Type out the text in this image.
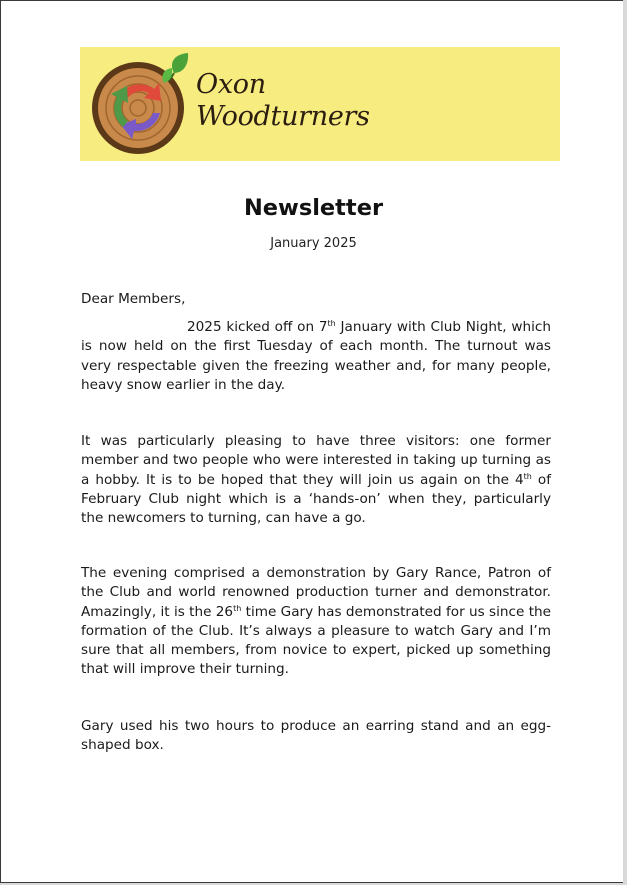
Oxon
Woodturners
Newsletter
January 2025
Dear Members,
2025 kicked off on 7th January with Club Night, which is now held on the first Tuesday of each month. The turnout was very respectable given the freezing weather and, for many people, heavy snow earlier in the day.
It was particularly pleasing to have three visitors: one former member and two people who were interested in taking up turning as a hobby. It is to be hoped that they will join us again on the 4th of February Club night which is a ‘hands-on’ when they, particularly the newcomers to turning, can have a go.
The evening comprised a demonstration by Gary Rance, Patron of the Club and world renowned production turner and demonstrator. Amazingly, it is the 26th time Gary has demonstrated for us since the formation of the Club. It’s always a pleasure to watch Gary and I’m sure that all members, from novice to expert, picked up something that will improve their turning.
Gary used his two hours to produce an earring stand and an egg-shaped box.
